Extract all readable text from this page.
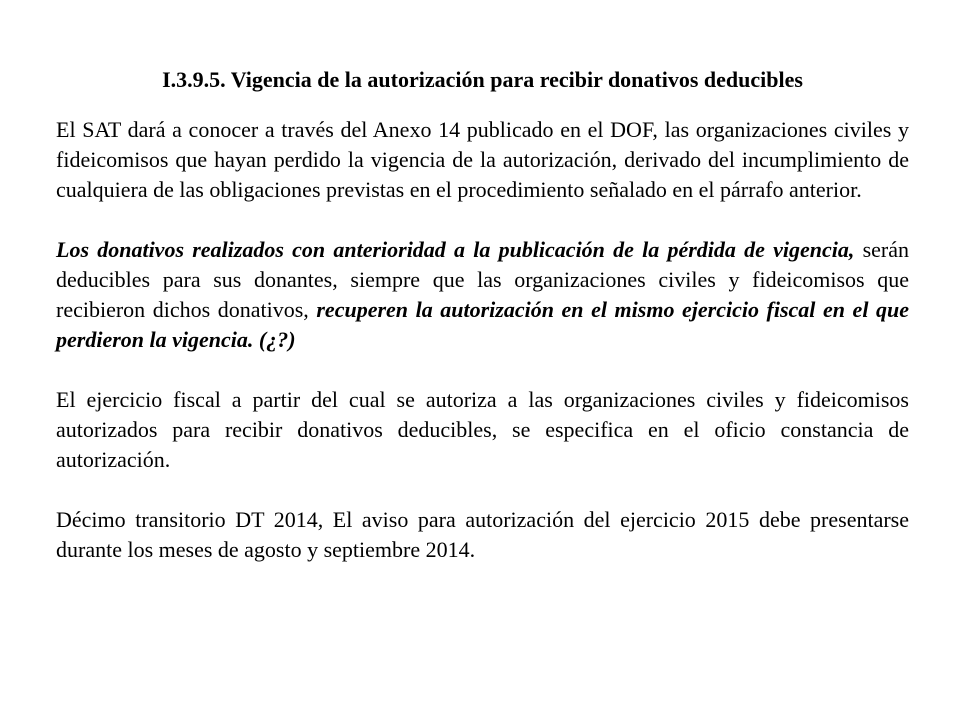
I.3.9.5. Vigencia de la autorización para recibir donativos deducibles

El SAT dará a conocer a través del Anexo 14 publicado en el DOF, las organizaciones civiles y fideicomisos que hayan perdido la vigencia de la autorización, derivado del incumplimiento de cualquiera de las obligaciones previstas en el procedimiento señalado en el párrafo anterior.

Los donativos realizados con anterioridad a la publicación de la pérdida de vigencia, serán deducibles para sus donantes, siempre que las organizaciones civiles y fideicomisos que recibieron dichos donativos, recuperen la autorización en el mismo ejercicio fiscal en el que perdieron la vigencia. (¿?)

El ejercicio fiscal a partir del cual se autoriza a las organizaciones civiles y fideicomisos autorizados para recibir donativos deducibles, se especifica en el oficio constancia de autorización.

Décimo transitorio DT 2014, El aviso para autorización del ejercicio 2015 debe presentarse durante los meses de agosto y septiembre 2014.
